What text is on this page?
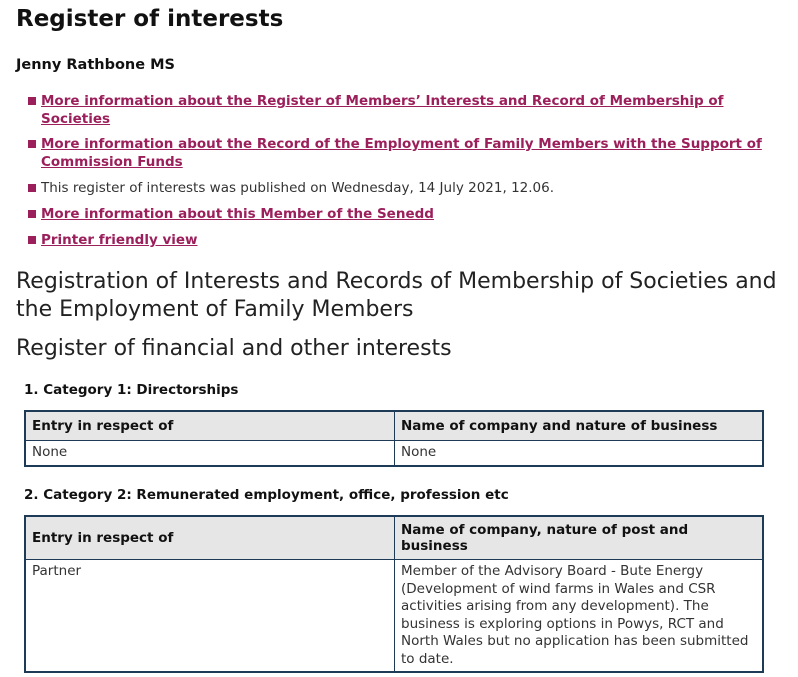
Register of interests
Jenny Rathbone MS
More information about the Register of Members’ Interests and Record of Membership of Societies
More information about the Record of the Employment of Family Members with the Support of Commission Funds
This register of interests was published on Wednesday, 14 July 2021, 12.06.
More information about this Member of the Senedd
Printer friendly view
Registration of Interests and Records of Membership of Societies and the Employment of Family Members
Register of financial and other interests
1. Category 1: Directorships
Entry in respect of	Name of company and nature of business
None	None
2. Category 2: Remunerated employment, office, profession etc
Entry in respect of	Name of company, nature of post and business
Partner	Member of the Advisory Board - Bute Energy (Development of wind farms in Wales and CSR activities arising from any development). The business is exploring options in Powys, RCT and North Wales but no application has been submitted to date.
